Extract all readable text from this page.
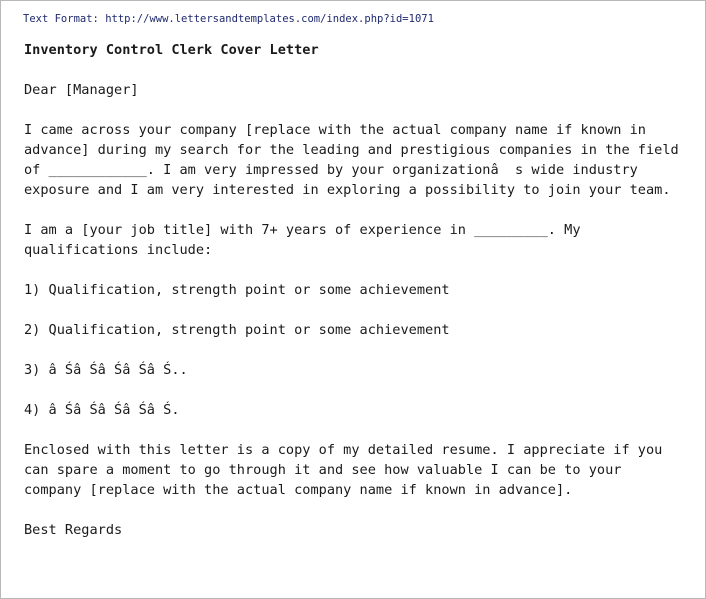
Text Format: http://www.lettersandtemplates.com/index.php?id=1071
Inventory Control Clerk Cover Letter
Dear [Manager]
I came across your company [replace with the actual company name if known in
advance] during my search for the leading and prestigious companies in the field
of ____________. I am very impressed by your organizationâ  s wide industry
exposure and I am very interested in exploring a possibility to join your team.
I am a [your job title] with 7+ years of experience in _________. My
qualifications include:
1) Qualification, strength point or some achievement
2) Qualification, strength point or some achievement
3) â Śâ Śâ Śâ Śâ Ś..
4) â Śâ Śâ Śâ Śâ Ś.
Enclosed with this letter is a copy of my detailed resume. I appreciate if you
can spare a moment to go through it and see how valuable I can be to your
company [replace with the actual company name if known in advance].
Best Regards
